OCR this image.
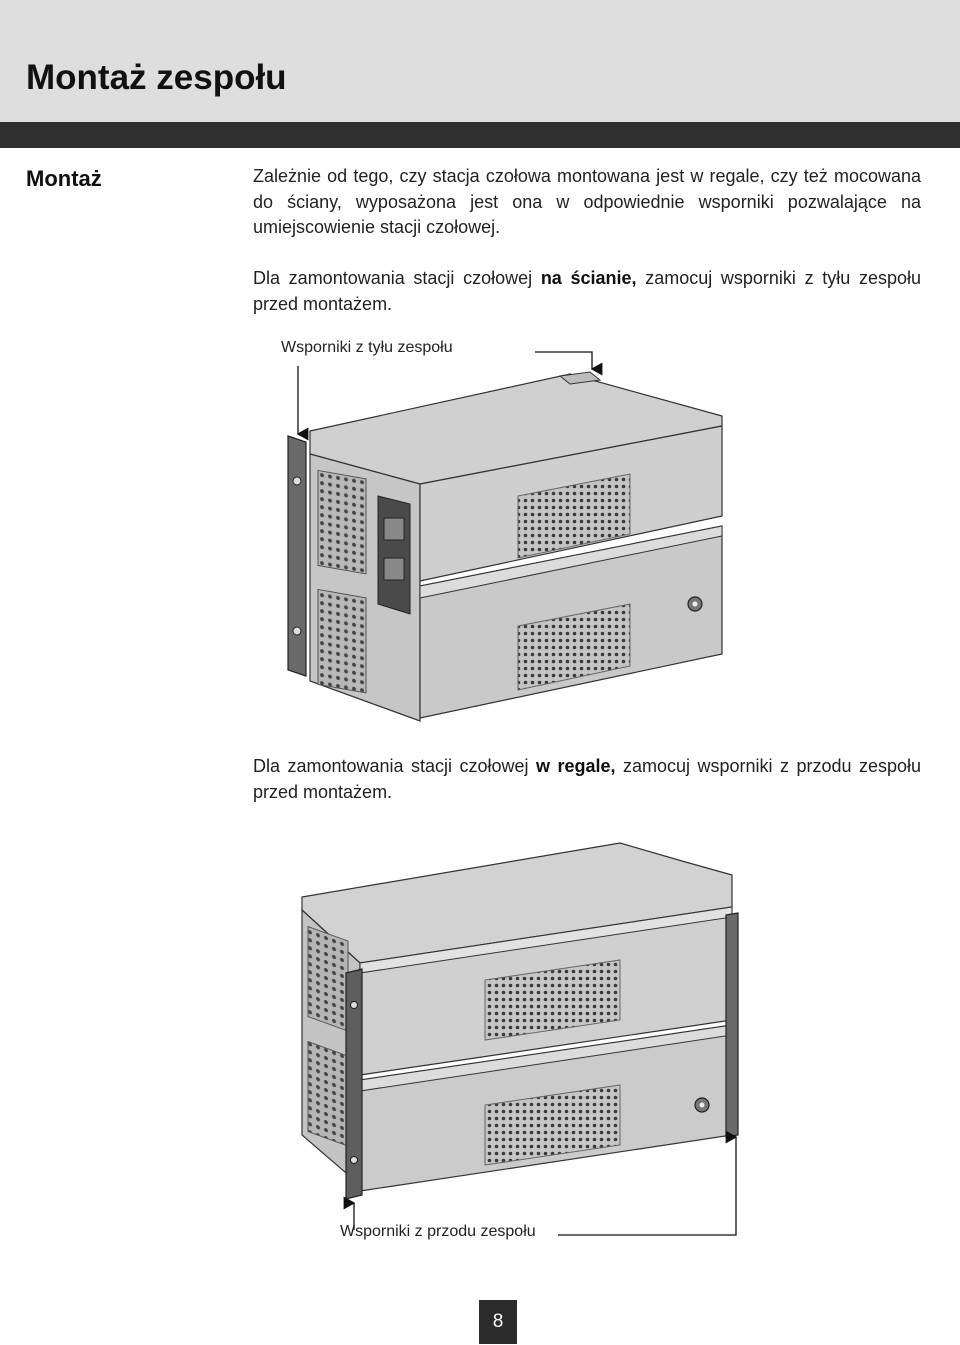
Montaż zespołu
Montaż	Zależnie od tego, czy stacja czołowa montowana jest w regale, czy też mocowana do ściany, wyposażona jest ona w odpowiednie wsporniki pozwalające na umiejscowienie stacji czołowej.

Dla zamontowania stacji czołowej na ścianie, zamocuj wsporniki z tyłu zespołu przed montażem.

Wsporniki z tyłu zespołu

Dla zamontowania stacji czołowej w regale, zamocuj wsporniki z przodu zespołu przed montażem.

Wsporniki z przodu zespołu
8
